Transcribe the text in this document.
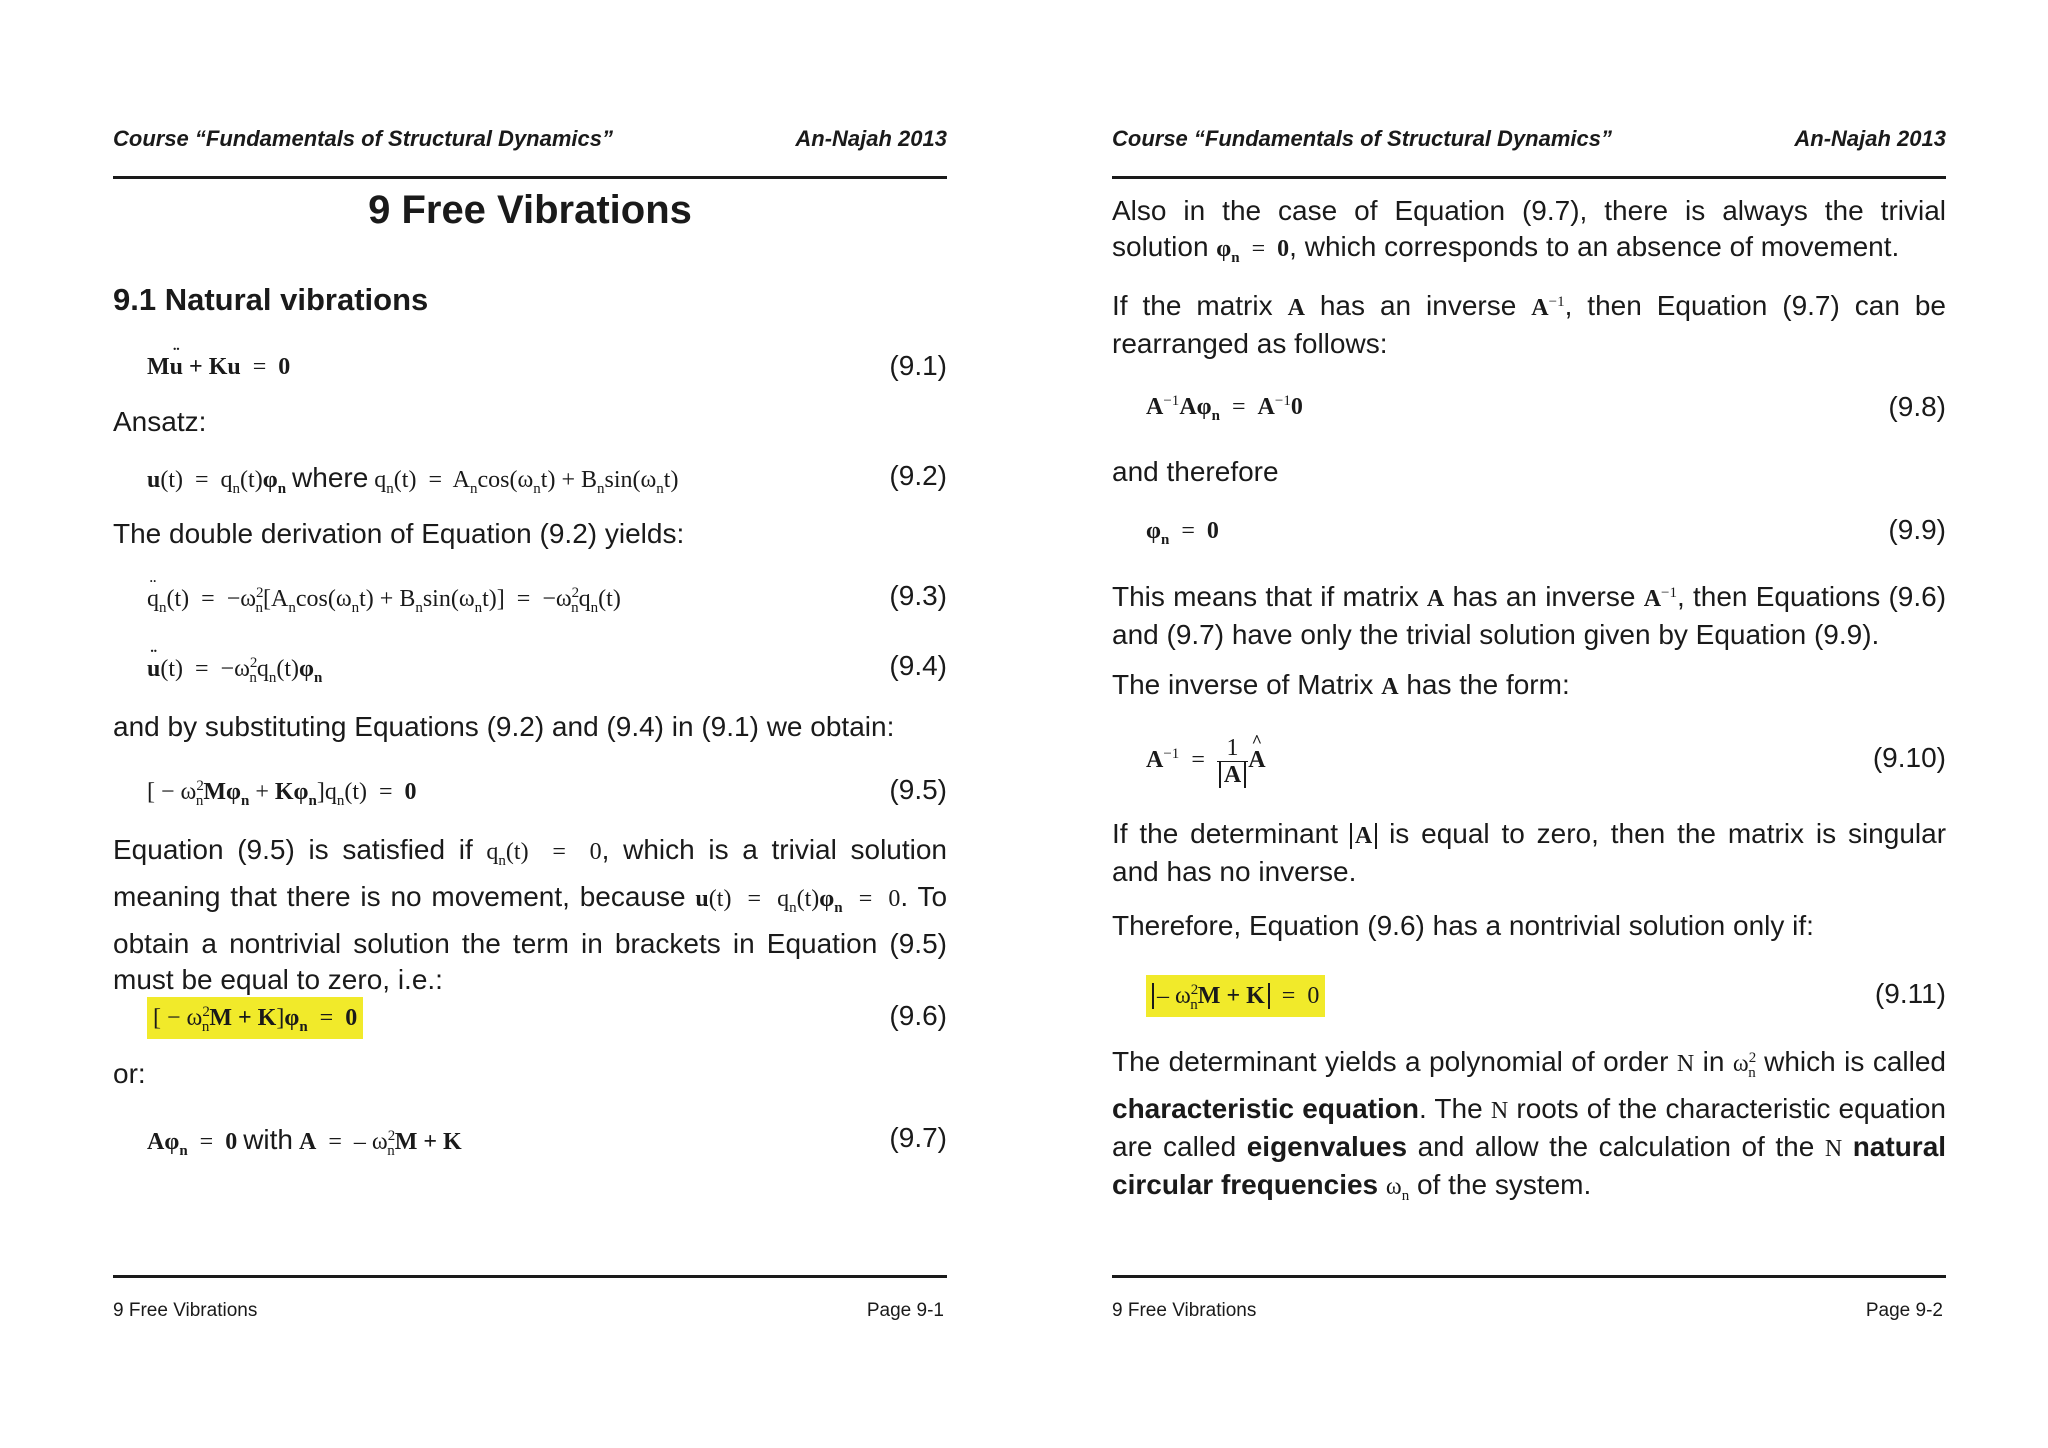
Course “Fundamentals of Structural Dynamics”	An-Najah 2013
9 Free Vibrations
9.1 Natural vibrations
M¨ u + Ku  =  0	(9.1)
Ansatz:
$u(t) = q_n(t)\varphi_n$ where $q_n(t) = A_n\cos(\omega_nt) + B_n\sin(\omega_nt)$	(9.2)
The double derivation of Equation (9.2) yields:
¨ $q_n(t) = -\omega^2_n[A_n\cos(\omega_nt) + B_n\sin(\omega_nt)] = -\omega^2_nq_n(t)$	(9.3)
¨ $u(t) = -\omega^2_nq_n(t)\varphi_n$	(9.4)
and by substituting Equations (9.2) and (9.4) in (9.1) we obtain:
[ − $\omega^2_nM\varphi_n + K\varphi_n]q_n(t) = 0$	(9.5)
Equation (9.5) is satisfied if $q_n(t) = 0$, which is a trivial solution meaning that there is no movement, because $u(t) = q_n(t)\varphi_n = 0$. To obtain a nontrivial solution the term in brackets in Equation (9.5) must be equal to zero, i.e.:
[ − $\omega^2_nM + K]\varphi_n = 0$	(9.6)
or:
$A\varphi_n = 0$ with A  =  – $\omega^2_nM + K$	(9.7)
9 Free Vibrations	Page 9-1
Course “Fundamentals of Structural Dynamics”	An-Najah 2013
Also in the case of Equation (9.7), there is always the trivial solution $\varphi_n = 0$, which corresponds to an absence of movement.
If the matrix A has an inverse $A^{-1}$, then Equation (9.7) can be rearranged as follows:
$A^{-1}A\varphi_n = A^{-1}0$	(9.8)
and therefore
$\varphi_n = 0$	(9.9)
This means that if matrix A has an inverse $A^{-1}$, then Equations (9.6) and (9.7) have only the trivial solution given by Equation (9.9).
The inverse of Matrix A has the form:
$A^{-1} = \frac{1}{A}$
^ A	(9.10)
If the determinant A is equal to zero, then the matrix is singular and has no inverse.
Therefore, Equation (9.6) has a nontrivial solution only if:
– $\omega^2_nM + K = 0$	(9.11)
The determinant yields a polynomial of order N in $\omega^2_n$ which is called characteristic equation. The N roots of the characteristic equation are called eigenvalues and allow the calculation of the N natural circular frequencies $\omega_n$ of the system.
9 Free Vibrations	Page 9-2
